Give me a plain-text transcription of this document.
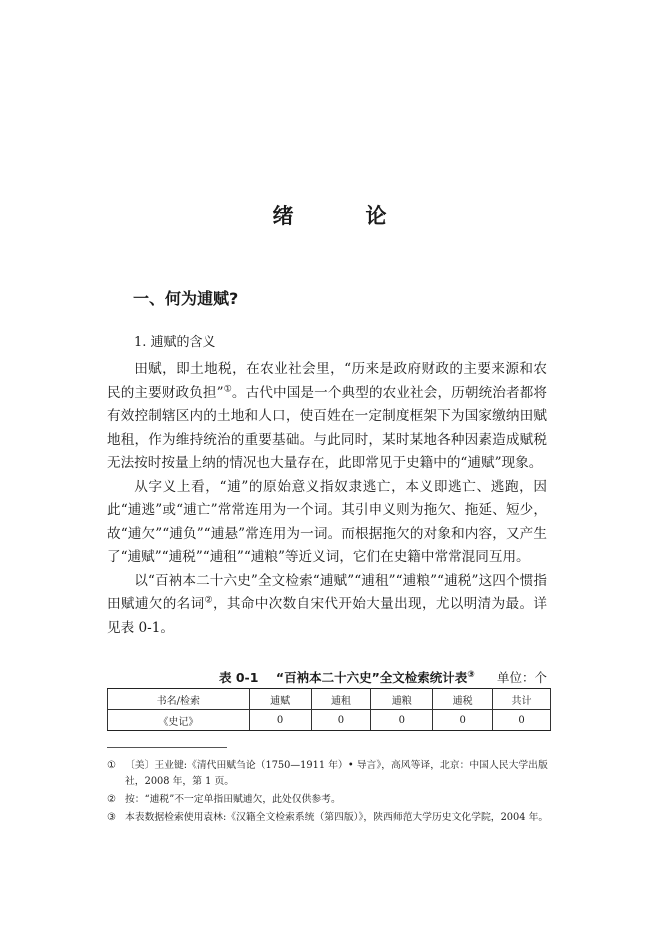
绪	论
一、何为逋赋?
1. 逋赋的含义

田赋，即土地税，在农业社会里，“历来是政府财政的主要来源和农民的主要财政负担”①。古代中国是一个典型的农业社会，历朝统治者都将有效控制辖区内的土地和人口，使百姓在一定制度框架下为国家缴纳田赋地租，作为维持统治的重要基础。与此同时，某时某地各种因素造成赋税无法按时按量上纳的情况也大量存在，此即常见于史籍中的“逋赋”现象。

从字义上看，“逋”的原始意义指奴隶逃亡，本义即逃亡、逃跑，因此“逋逃”或“逋亡”常常连用为一个词。其引申义则为拖欠、拖延、短少，故“逋欠”“逋负”“逋悬”常连用为一词。而根据拖欠的对象和内容，又产生了“逋赋”“逋税”“逋租”“逋粮”等近义词，它们在史籍中常常混同互用。

以“百衲本二十六史”全文检索“逋赋”“逋租”“逋粮”“逋税”这四个惯指田赋逋欠的名词②，其命中次数自宋代开始大量出现，尤以明清为最。详见表 0-1。

表 0-1 “百衲本二十六史”全文检索统计表③ 单位：个
书名/检索	逋赋	逋租	逋粮	逋税	共计
《史记》	0	0	0	0	0
① 〔美〕王业键:《清代田赋刍论（1750—1911 年）• 导言》，高风等译，北京：中国人民大学出版社，2008 年，第 1 页。
② 按：“逋税”不一定单指田赋逋欠，此处仅供参考。
③ 本表数据检索使用袁林:《汉籍全文检索系统（第四版）》，陕西师范大学历史文化学院，2004 年。
